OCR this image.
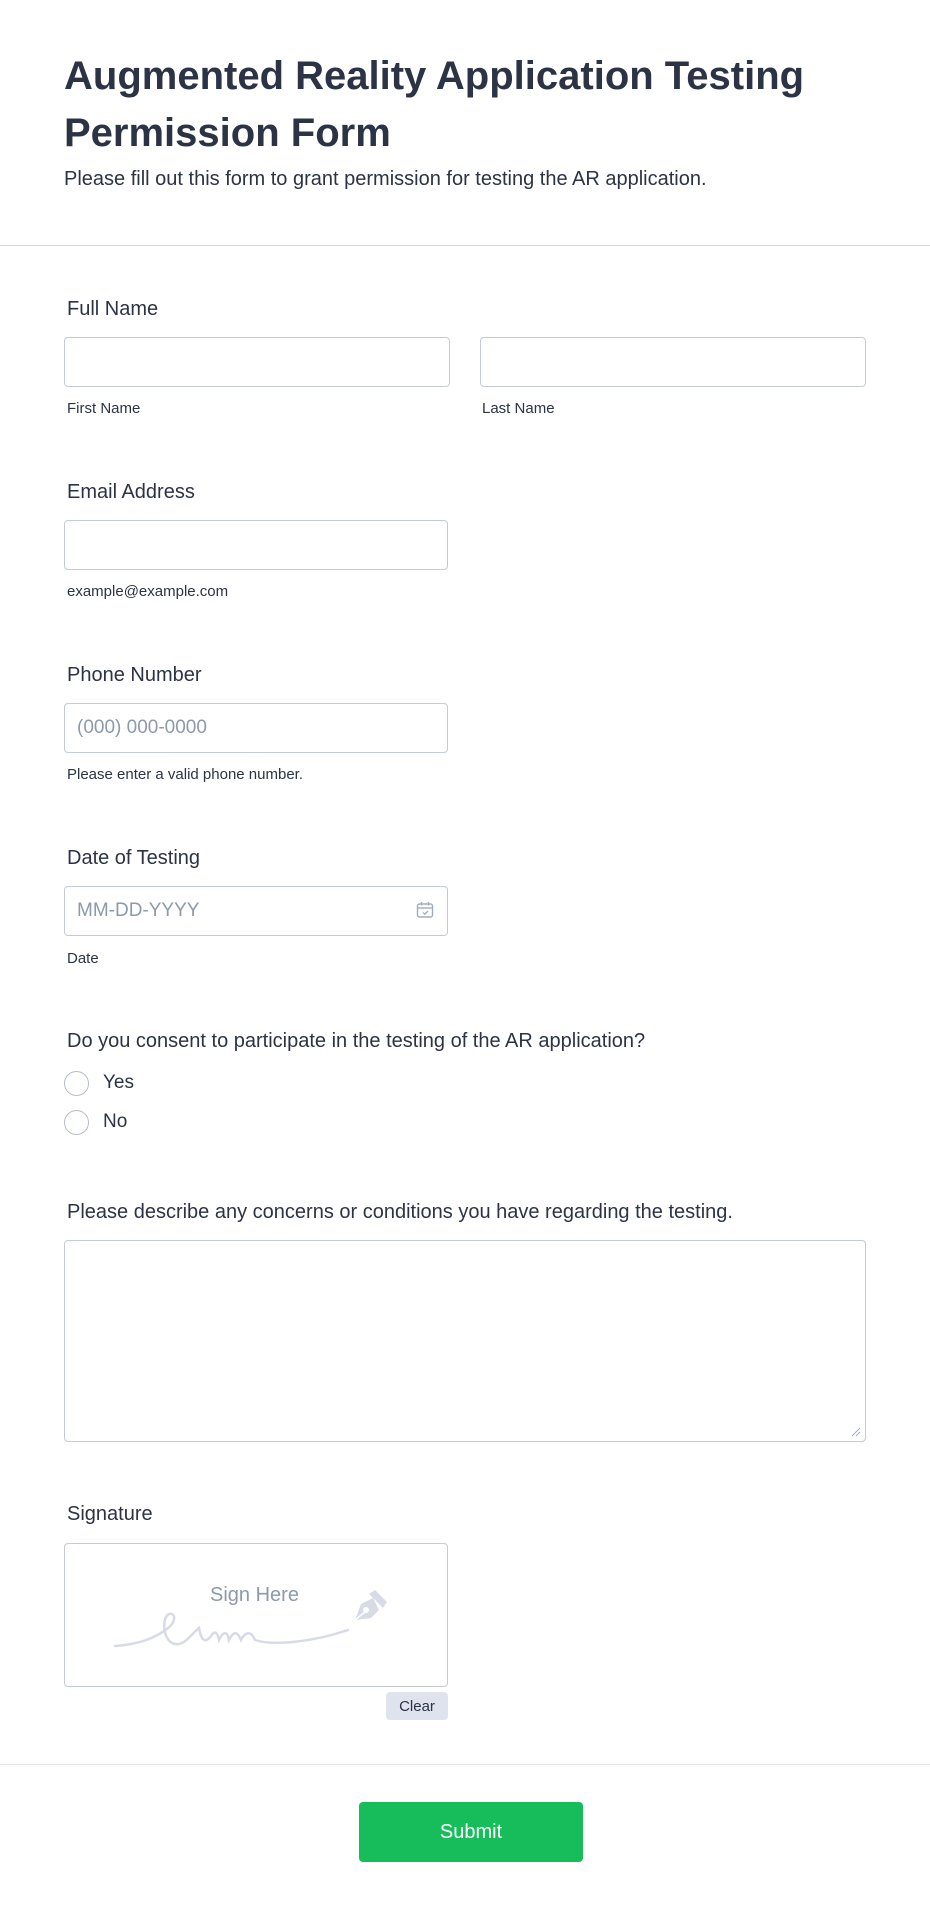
Augmented Reality Application Testing Permission Form

Please fill out this form to grant permission for testing the AR application.

Full Name
First Name	Last Name
Email Address
example@example.com
Phone Number
(000) 000-0000
Please enter a valid phone number.
Date of Testing
MM-DD-YYYY
Date
Do you consent to participate in the testing of the AR application?
Yes
No
Please describe any concerns or conditions you have regarding the testing.
Signature
Sign Here
Clear
Submit
